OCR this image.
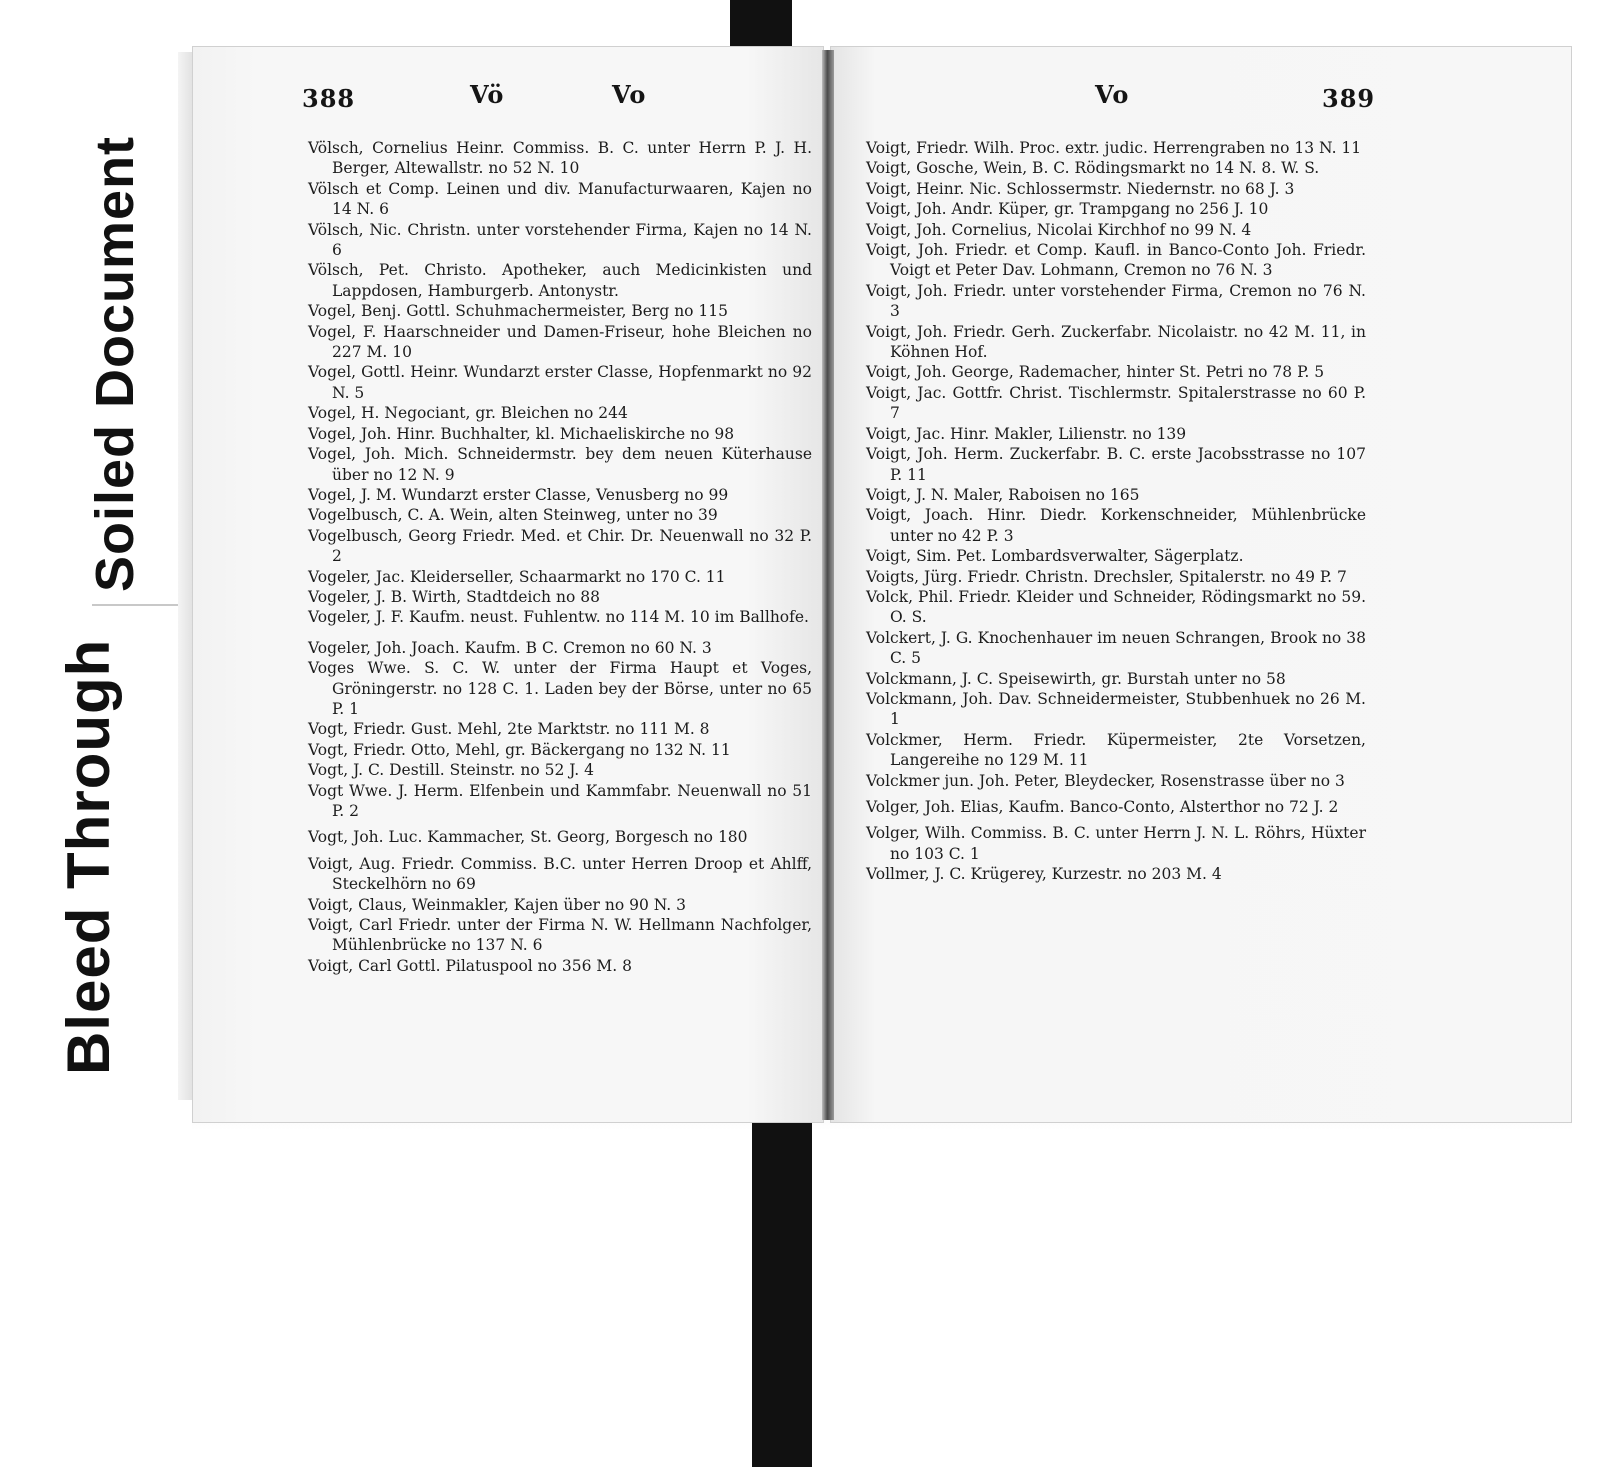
Bleed Through
Soiled Document
388	Vö	Vo	Vo	389
Völsch, Cornelius Heinr. Commiss. B. C. unter Herrn P. J. H. Berger, Altewallstr. no 52 N. 10
Völsch et Comp. Leinen und div. Manufacturwaaren, Kajen no 14 N. 6
Völsch, Nic. Christn. unter vorstehender Firma, Kajen no 14 N. 6
Völsch, Pet. Christo. Apotheker, auch Medicinkisten und Lappdosen, Hamburgerb. Antonystr.
Vogel, Benj. Gottl. Schuhmachermeister, Berg no 115
Vogel, F. Haarschneider und Damen-Friseur, hohe Bleichen no 227 M. 10
Vogel, Gottl. Heinr. Wundarzt erster Classe, Hopfenmarkt no 92 N. 5
Vogel, H. Negociant, gr. Bleichen no 244
Vogel, Joh. Hinr. Buchhalter, kl. Michaeliskirche no 98
Vogel, Joh. Mich. Schneidermstr. bey dem neuen Küterhause über no 12 N. 9
Vogel, J. M. Wundarzt erster Classe, Venusberg no 99
Vogelbusch, C. A. Wein, alten Steinweg, unter no 39
Vogelbusch, Georg Friedr. Med. et Chir. Dr. Neuenwall no 32 P. 2
Vogeler, Jac. Kleiderseller, Schaarmarkt no 170 C. 11
Vogeler, J. B. Wirth, Stadtdeich no 88
Vogeler, J. F. Kaufm. neust. Fuhlentw. no 114 M. 10 im Ballhofe.
Vogeler, Joh. Joach. Kaufm. B C. Cremon no 60 N. 3
Voges Wwe. S. C. W. unter der Firma Haupt et Voges, Gröningerstr. no 128 C. 1. Laden bey der Börse, unter no 65 P. 1
Vogt, Friedr. Gust. Mehl, 2te Marktstr. no 111 M. 8
Vogt, Friedr. Otto, Mehl, gr. Bäckergang no 132 N. 11
Vogt, J. C. Destill. Steinstr. no 52 J. 4
Vogt Wwe. J. Herm. Elfenbein und Kammfabr. Neuenwall no 51 P. 2
Vogt, Joh. Luc. Kammacher, St. Georg, Borgesch no 180
Voigt, Aug. Friedr. Commiss. B.C. unter Herren Droop et Ahlff, Steckelhörn no 69
Voigt, Claus, Weinmakler, Kajen über no 90 N. 3
Voigt, Carl Friedr. unter der Firma N. W. Hellmann Nachfolger, Mühlenbrücke no 137 N. 6
Voigt, Carl Gottl. Pilatuspool no 356 M. 8
Voigt, Friedr. Wilh. Proc. extr. judic. Herrengraben no 13 N. 11
Voigt, Gosche, Wein, B. C. Rödingsmarkt no 14 N. 8. W. S.
Voigt, Heinr. Nic. Schlossermstr. Niedernstr. no 68 J. 3
Voigt, Joh. Andr. Küper, gr. Trampgang no 256 J. 10
Voigt, Joh. Cornelius, Nicolai Kirchhof no 99 N. 4
Voigt, Joh. Friedr. et Comp. Kaufl. in Banco-Conto Joh. Friedr. Voigt et Peter Dav. Lohmann, Cremon no 76 N. 3
Voigt, Joh. Friedr. unter vorstehender Firma, Cremon no 76 N. 3
Voigt, Joh. Friedr. Gerh. Zuckerfabr. Nicolaistr. no 42 M. 11, in Köhnen Hof.
Voigt, Joh. George, Rademacher, hinter St. Petri no 78 P. 5
Voigt, Jac. Gottfr. Christ. Tischlermstr. Spitalerstrasse no 60 P. 7
Voigt, Jac. Hinr. Makler, Lilienstr. no 139
Voigt, Joh. Herm. Zuckerfabr. B. C. erste Jacobsstrasse no 107 P. 11
Voigt, J. N. Maler, Raboisen no 165
Voigt, Joach. Hinr. Diedr. Korkenschneider, Mühlenbrücke unter no 42 P. 3
Voigt, Sim. Pet. Lombardsverwalter, Sägerplatz.
Voigts, Jürg. Friedr. Christn. Drechsler, Spitalerstr. no 49 P. 7
Volck, Phil. Friedr. Kleider und Schneider, Rödingsmarkt no 59. O. S.
Volckert, J. G. Knochenhauer im neuen Schrangen, Brook no 38 C. 5
Volckmann, J. C. Speisewirth, gr. Burstah unter no 58
Volckmann, Joh. Dav. Schneidermeister, Stubbenhuek no 26 M. 1
Volckmer, Herm. Friedr. Küpermeister, 2te Vorsetzen, Langereihe no 129 M. 11
Volckmer jun. Joh. Peter, Bleydecker, Rosenstrasse über no 3
Volger, Joh. Elias, Kaufm. Banco-Conto, Alsterthor no 72 J. 2
Volger, Wilh. Commiss. B. C. unter Herrn J. N. L. Röhrs, Hüxter no 103 C. 1
Vollmer, J. C. Krügerey, Kurzestr. no 203 M. 4
